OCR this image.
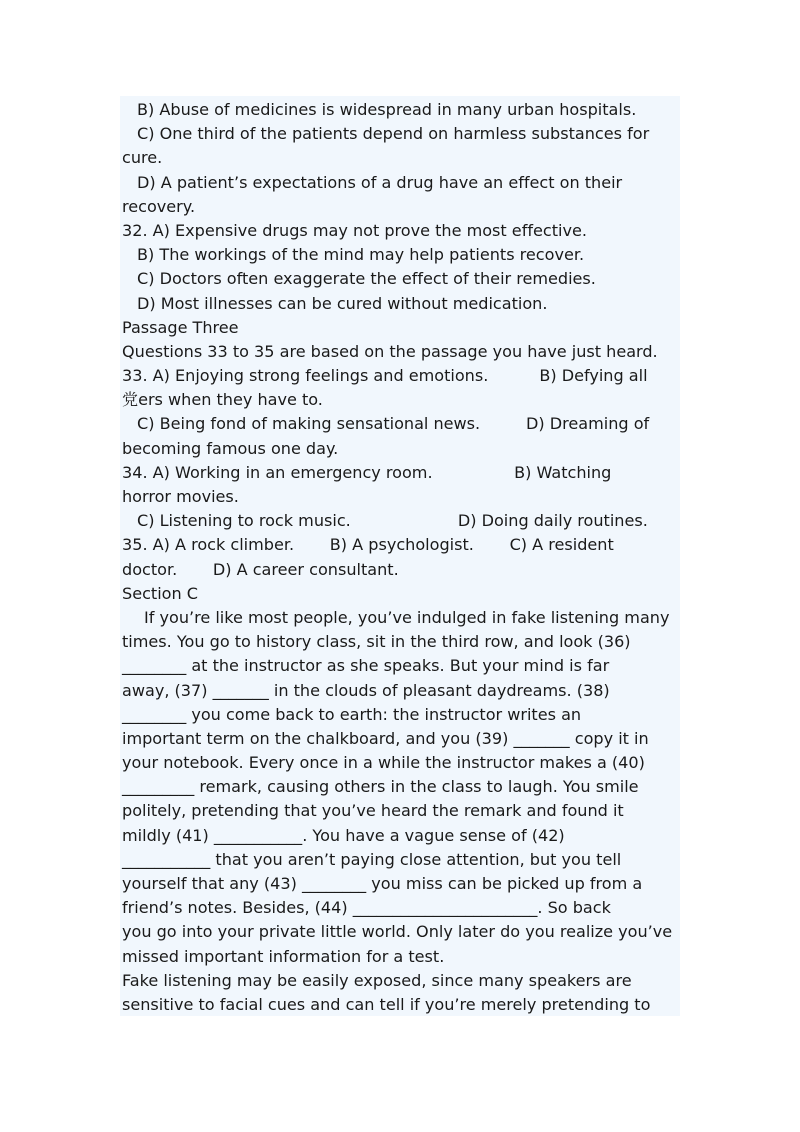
B) Abuse of medicines is widespread in many urban hospitals.

C) One third of the patients depend on harmless substances for

cure.

D) A patient’s expectations of a drug have an effect on their

recovery.

32. A) Expensive drugs may not prove the most effective.

B) The workings of the mind may help patients recover.

C) Doctors often exaggerate the effect of their remedies.

D) Most illnesses can be cured without medication.

Passage Three

Questions 33 to 35 are based on the passage you have just heard.

33. A) Enjoying strong feelings and emotions.          B) Defying all

党ers when they have to.

C) Being fond of making sensational news.         D) Dreaming of

becoming famous one day.

34. A) Working in an emergency room.                B) Watching

horror movies.

C) Listening to rock music.                     D) Doing daily routines.

35. A) A rock climber.       B) A psychologist.       C) A resident

doctor.       D) A career consultant.

Section C

If you’re like most people, you’ve indulged in fake listening many

times. You go to history class, sit in the third row, and look (36)

________ at the instructor as she speaks. But your mind is far

away, (37) _______ in the clouds of pleasant daydreams. (38)

________ you come back to earth: the instructor writes an

important term on the chalkboard, and you (39) _______ copy it in

your notebook. Every once in a while the instructor makes a (40)

_________ remark, causing others in the class to laugh. You smile

politely, pretending that you’ve heard the remark and found it

mildly (41) ___________. You have a vague sense of (42)

___________ that you aren’t paying close attention, but you tell

yourself that any (43) ________ you miss can be picked up from a

friend’s notes. Besides, (44) _______________________. So back

you go into your private little world. Only later do you realize you’ve

missed important information for a test.

Fake listening may be easily exposed, since many speakers are

sensitive to facial cues and can tell if you’re merely pretending to
